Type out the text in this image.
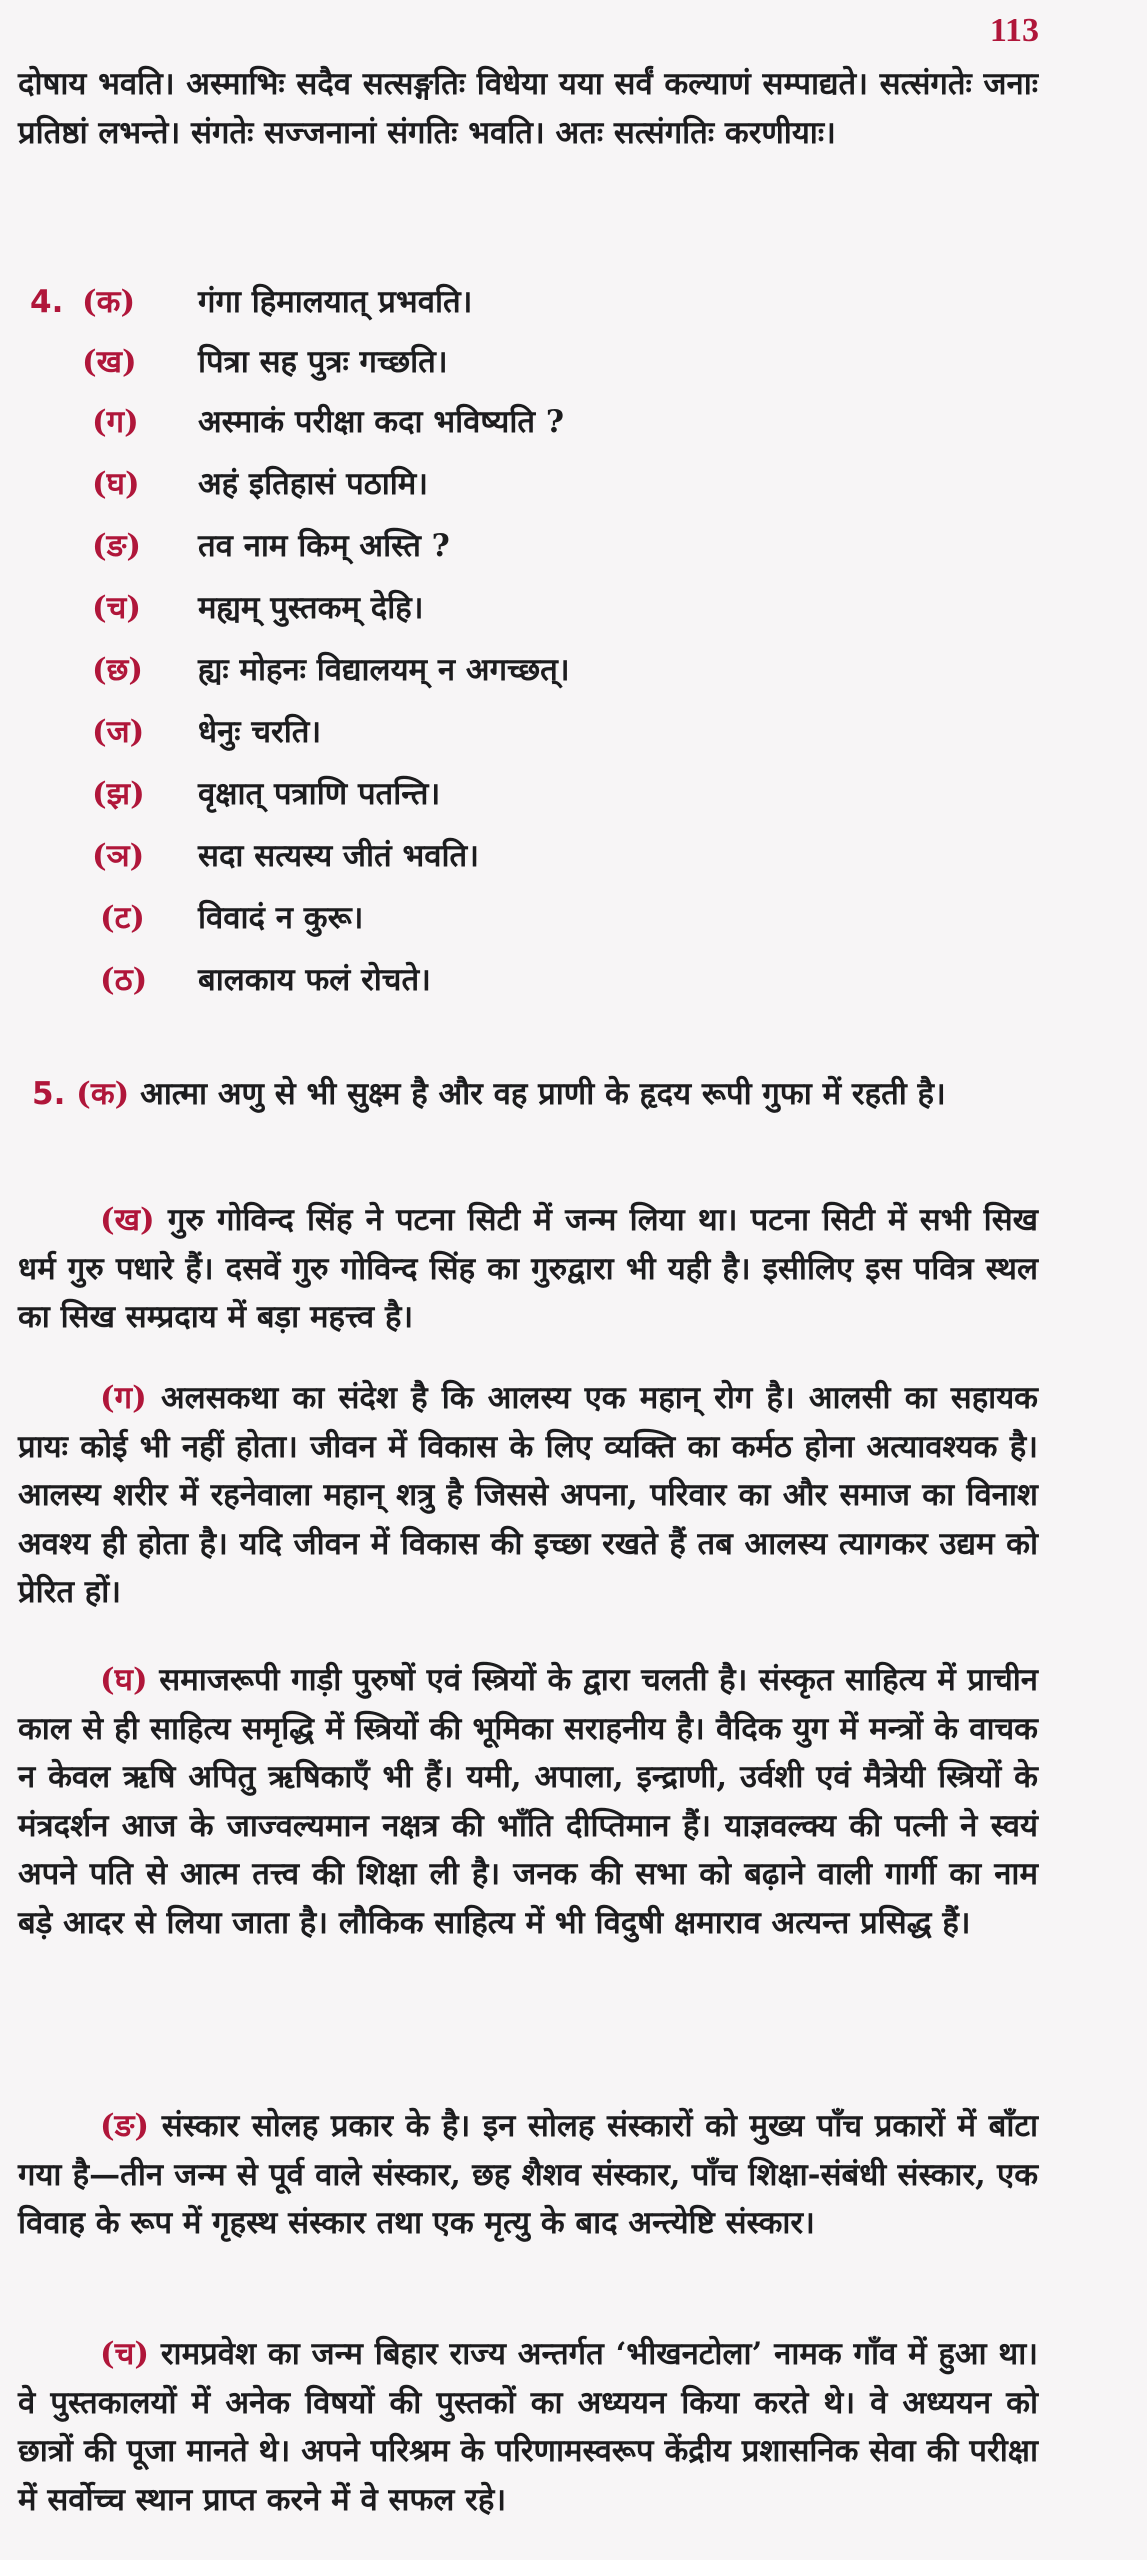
113

दोषाय भवति। अस्माभिः सदैव सत्सङ्गतिः विधेया यया सर्वं कल्याणं सम्पाद्यते। सत्संगतेः जनाः प्रतिष्ठां लभन्ते। संगतेः सज्जनानां संगतिः भवति। अतः सत्संगतिः करणीयाः।

4. (क) गंगा हिमालयात् प्रभवति।
(ख) पित्रा सह पुत्रः गच्छति।
(ग) अस्माकं परीक्षा कदा भविष्यति ?
(घ) अहं इतिहासं पठामि।
(ङ) तव नाम किम् अस्ति ?
(च) मह्यम् पुस्तकम् देहि।
(छ) ह्यः मोहनः विद्यालयम् न अगच्छत्।
(ज) धेनुः चरति।
(झ) वृक्षात् पत्राणि पतन्ति।
(ञ) सदा सत्यस्य जीतं भवति।
(ट) विवादं न कुरू।
(ठ) बालकाय फलं रोचते।

5. (क) आत्मा अणु से भी सुक्ष्म है और वह प्राणी के हृदय रूपी गुफा में रहती है।

(ख) गुरु गोविन्द सिंह ने पटना सिटी में जन्म लिया था। पटना सिटी में सभी सिख धर्म गुरु पधारे हैं। दसवें गुरु गोविन्द सिंह का गुरुद्वारा भी यही है। इसीलिए इस पवित्र स्थल का सिख सम्प्रदाय में बड़ा महत्त्व है।

(ग) अलसकथा का संदेश है कि आलस्य एक महान् रोग है। आलसी का सहायक प्रायः कोई भी नहीं होता। जीवन में विकास के लिए व्यक्ति का कर्मठ होना अत्यावश्यक है। आलस्य शरीर में रहनेवाला महान् शत्रु है जिससे अपना, परिवार का और समाज का विनाश अवश्य ही होता है। यदि जीवन में विकास की इच्छा रखते हैं तब आलस्य त्यागकर उद्यम को प्रेरित हों।

(घ) समाजरूपी गाड़ी पुरुषों एवं स्त्रियों के द्वारा चलती है। संस्कृत साहित्य में प्राचीन काल से ही साहित्य समृद्धि में स्त्रियों की भूमिका सराहनीय है। वैदिक युग में मन्त्रों के वाचक न केवल ऋषि अपितु ऋषिकाएँ भी हैं। यमी, अपाला, इन्द्राणी, उर्वशी एवं मैत्रेयी स्त्रियों के मंत्रदर्शन आज के जाज्वल्यमान नक्षत्र की भाँति दीप्तिमान हैं। याज्ञवल्क्य की पत्नी ने स्वयं अपने पति से आत्म तत्त्व की शिक्षा ली है। जनक की सभा को बढ़ाने वाली गार्गी का नाम बड़े आदर से लिया जाता है। लौकिक साहित्य में भी विदुषी क्षमाराव अत्यन्त प्रसिद्ध हैं।

(ङ) संस्कार सोलह प्रकार के है। इन सोलह संस्कारों को मुख्य पाँच प्रकारों में बाँटा गया है—तीन जन्म से पूर्व वाले संस्कार, छह शैशव संस्कार, पाँच शिक्षा-संबंधी संस्कार, एक विवाह के रूप में गृहस्थ संस्कार तथा एक मृत्यु के बाद अन्त्येष्टि संस्कार।

(च) रामप्रवेश का जन्म बिहार राज्य अन्तर्गत ‘भीखनटोला’ नामक गाँव में हुआ था। वे पुस्तकालयों में अनेक विषयों की पुस्तकों का अध्ययन किया करते थे। वे अध्ययन को छात्रों की पूजा मानते थे। अपने परिश्रम के परिणामस्वरूप केंद्रीय प्रशासनिक सेवा की परीक्षा में सर्वोच्च स्थान प्राप्त करने में वे सफल रहे।
